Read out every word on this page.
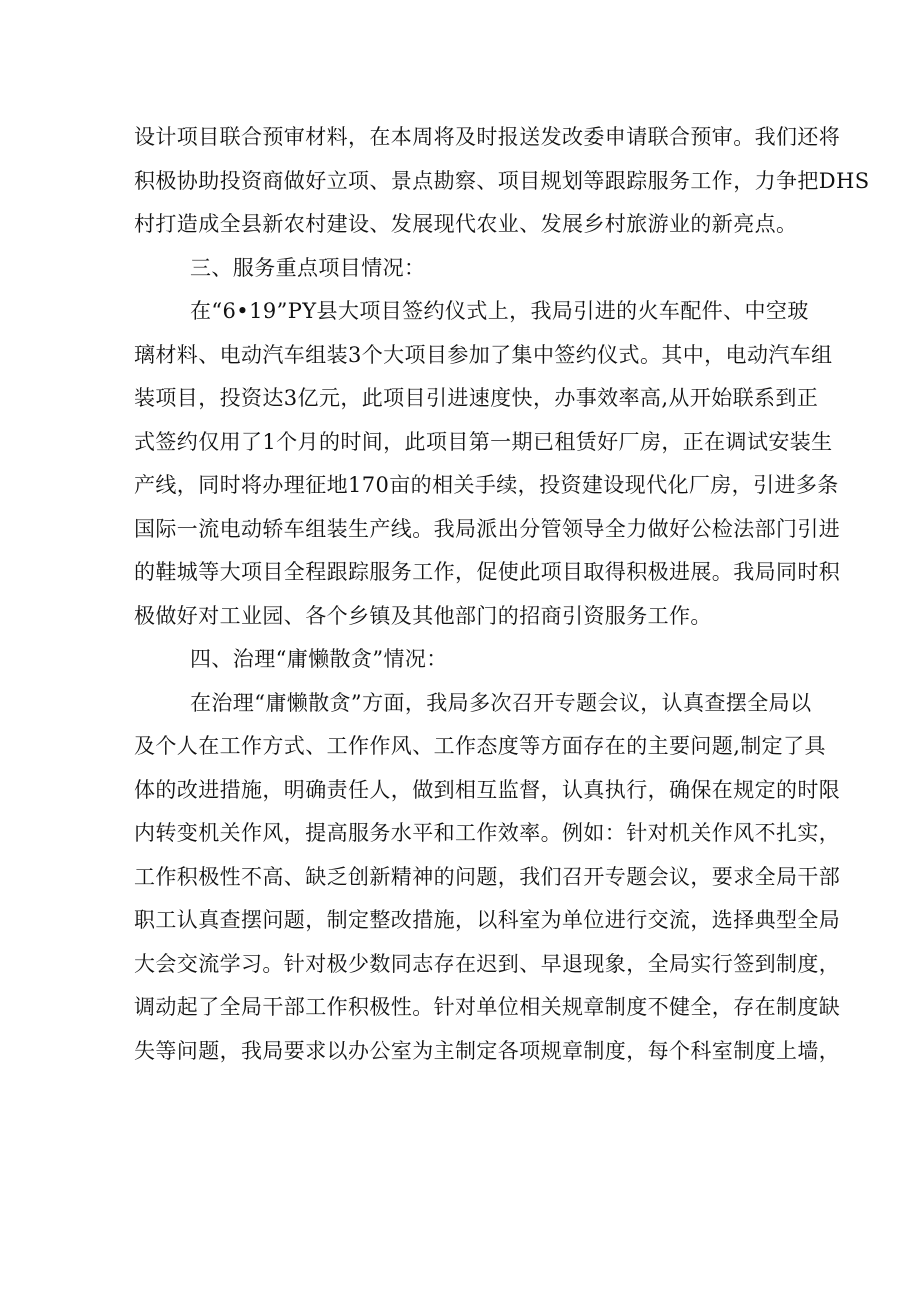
设计项目联合预审材料，在本周将及时报送发改委申请联合预审。我们还将
积极协助投资商做好立项、景点勘察、项目规划等跟踪服务工作，力争把DHS
村打造成全县新农村建设、发展现代农业、发展乡村旅游业的新亮点。
三、服务重点项目情况：
在“6•19”PY县大项目签约仪式上，我局引进的火车配件、中空玻
璃材料、电动汽车组装3个大项目参加了集中签约仪式。其中，电动汽车组
装项目，投资达3亿元，此项目引进速度快，办事效率高,从开始联系到正
式签约仅用了1个月的时间，此项目第一期已租赁好厂房，正在调试安装生
产线，同时将办理征地170亩的相关手续，投资建设现代化厂房，引进多条
国际一流电动轿车组装生产线。我局派出分管领导全力做好公检法部门引进
的鞋城等大项目全程跟踪服务工作，促使此项目取得积极进展。我局同时积
极做好对工业园、各个乡镇及其他部门的招商引资服务工作。
四、治理“庸懒散贪”情况：
在治理“庸懒散贪”方面，我局多次召开专题会议，认真查摆全局以
及个人在工作方式、工作作风、工作态度等方面存在的主要问题,制定了具
体的改进措施，明确责任人，做到相互监督，认真执行，确保在规定的时限
内转变机关作风，提高服务水平和工作效率。例如：针对机关作风不扎实，
工作积极性不高、缺乏创新精神的问题，我们召开专题会议，要求全局干部
职工认真查摆问题，制定整改措施，以科室为单位进行交流，选择典型全局
大会交流学习。针对极少数同志存在迟到、早退现象，全局实行签到制度，
调动起了全局干部工作积极性。针对单位相关规章制度不健全，存在制度缺
失等问题，我局要求以办公室为主制定各项规章制度，每个科室制度上墙，
